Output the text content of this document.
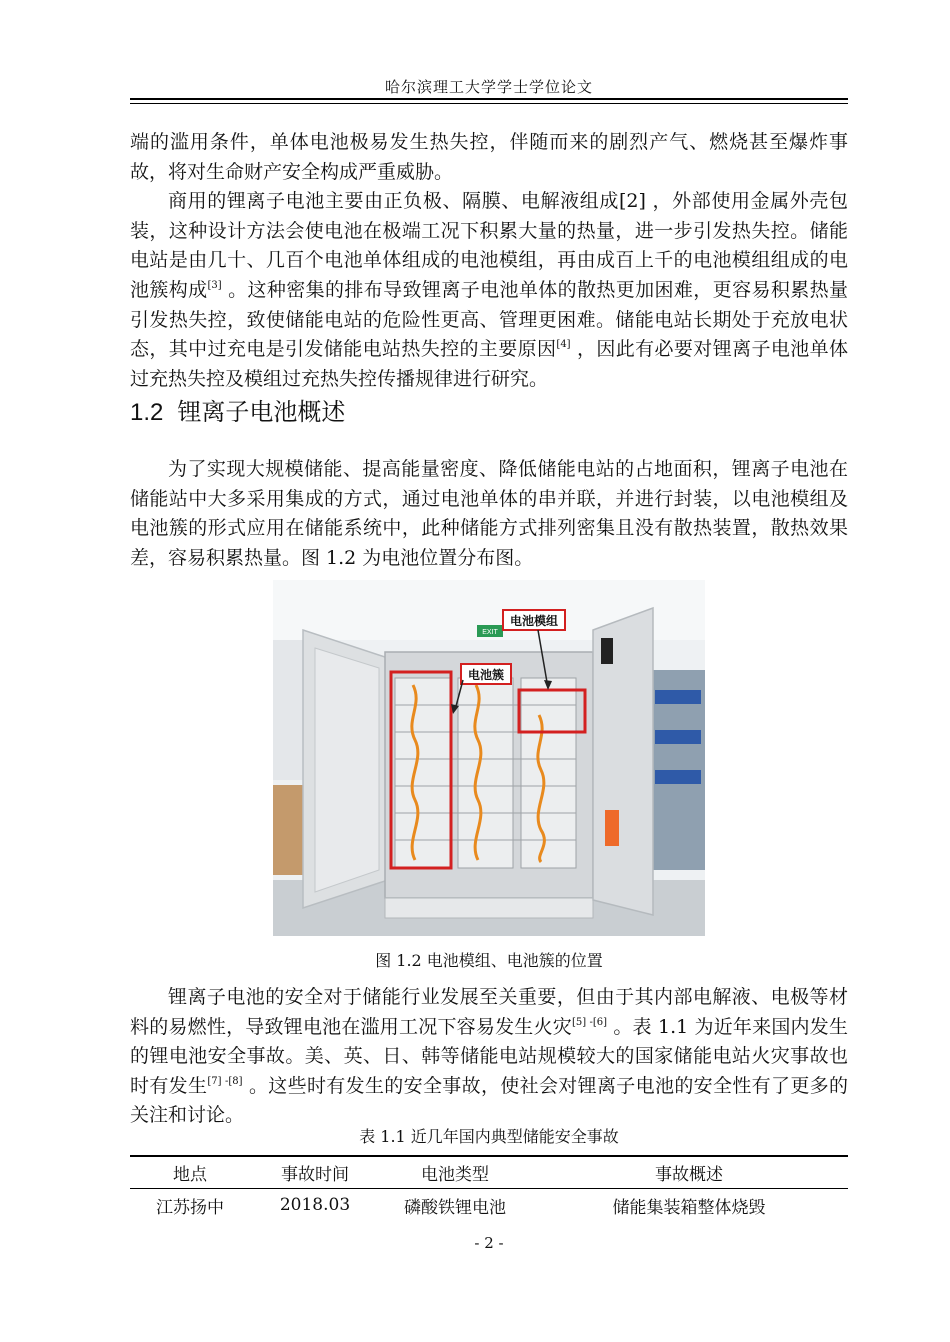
哈尔滨理工大学学士学位论文

端的滥用条件，单体电池极易发生热失控，伴随而来的剧烈产气、燃烧甚至爆炸事故，将对生命财产安全构成严重威胁。

商用的锂离子电池主要由正负极、隔膜、电解液组成[2] ，外部使用金属外壳包装，这种设计方法会使电池在极端工况下积累大量的热量，进一步引发热失控。储能电站是由几十、几百个电池单体组成的电池模组，再由成百上千的电池模组组成的电池簇构成[3] 。这种密集的排布导致锂离子电池单体的散热更加困难，更容易积累热量引发热失控，致使储能电站的危险性更高、管理更困难。储能电站长期处于充放电状态，其中过充电是引发储能电站热失控的主要原因[4] ，因此有必要对锂离子电池单体过充热失控及模组过充热失控传播规律进行研究。

1.2 锂离子电池概述

为了实现大规模储能、提高能量密度、降低储能电站的占地面积，锂离子电池在储能站中大多采用集成的方式，通过电池单体的串并联，并进行封装，以电池模组及电池簇的形式应用在储能系统中，此种储能方式排列密集且没有散热装置，散热效果差，容易积累热量。图 1.2 为电池位置分布图。

EXIT
电池模组
电池簇
图 1.2 电池模组、电池簇的位置

锂离子电池的安全对于储能行业发展至关重要，但由于其内部电解液、电极等材料的易燃性，导致锂电池在滥用工况下容易发生火灾[5] -[6] 。表 1.1 为近年来国内发生的锂电池安全事故。美、英、日、韩等储能电站规模较大的国家储能电站火灾事故也时有发生[7] -[8] 。这些时有发生的安全事故，使社会对锂离子电池的安全性有了更多的关注和讨论。

表 1.1 近几年国内典型储能安全事故
地点	事故时间	电池类型	事故概述
江苏扬中	2018.03	磷酸铁锂电池	储能集装箱整体烧毁
- 2 -
